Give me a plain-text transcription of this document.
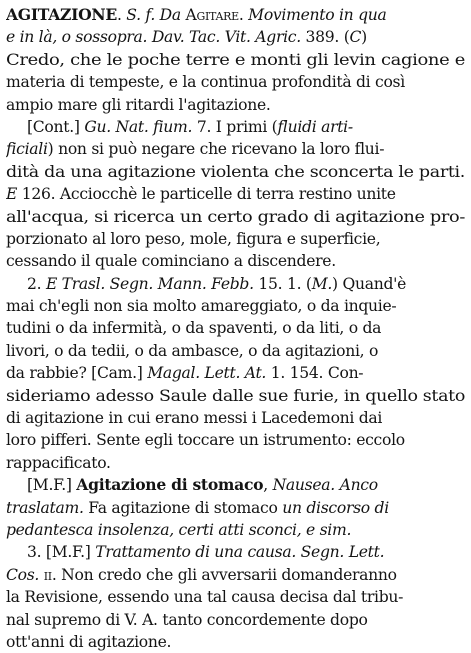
AGITAZIONE. S. f. Da Agitare. Movimento in qua
e in là, o sossopra. Dav. Tac. Vit. Agric. 389. (C)
Credo, che le poche terre e monti gli levin cagione e
materia di tempeste, e la continua profondità di così
ampio mare gli ritardi l'agitazione.
[Cont.] Gu. Nat. fium. 7. I primi (fluidi arti-
ficiali) non si può negare che ricevano la loro flui-
dità da una agitazione violenta che sconcerta le parti.
E 126. Acciocchè le particelle di terra restino unite
all'acqua, si ricerca un certo grado di agitazione pro-
porzionato al loro peso, mole, figura e superficie,
cessando il quale cominciano a discendere.
2. E Trasl. Segn. Mann. Febb. 15. 1. (M.) Quand'è
mai ch'egli non sia molto amareggiato, o da inquie-
tudini o da infermità, o da spaventi, o da liti, o da
livori, o da tedii, o da ambasce, o da agitazioni, o
da rabbie? [Cam.] Magal. Lett. At. 1. 154. Con-
sideriamo adesso Saule dalle sue furie, in quello stato
di agitazione in cui erano messi i Lacedemoni dai
loro pifferi. Sente egli toccare un istrumento: eccolo
rappacificato.
[M.F.] Agitazione di stomaco, Nausea. Anco
traslatam. Fa agitazione di stomaco un discorso di
pedantesca insolenza, certi atti sconci, e sim.
3. [M.F.] Trattamento di una causa. Segn. Lett.
Cos. ii. Non credo che gli avversarii domanderanno
la Revisione, essendo una tal causa decisa dal tribu-
nal supremo di V. A. tanto concordemente dopo
ott'anni di agitazione.
